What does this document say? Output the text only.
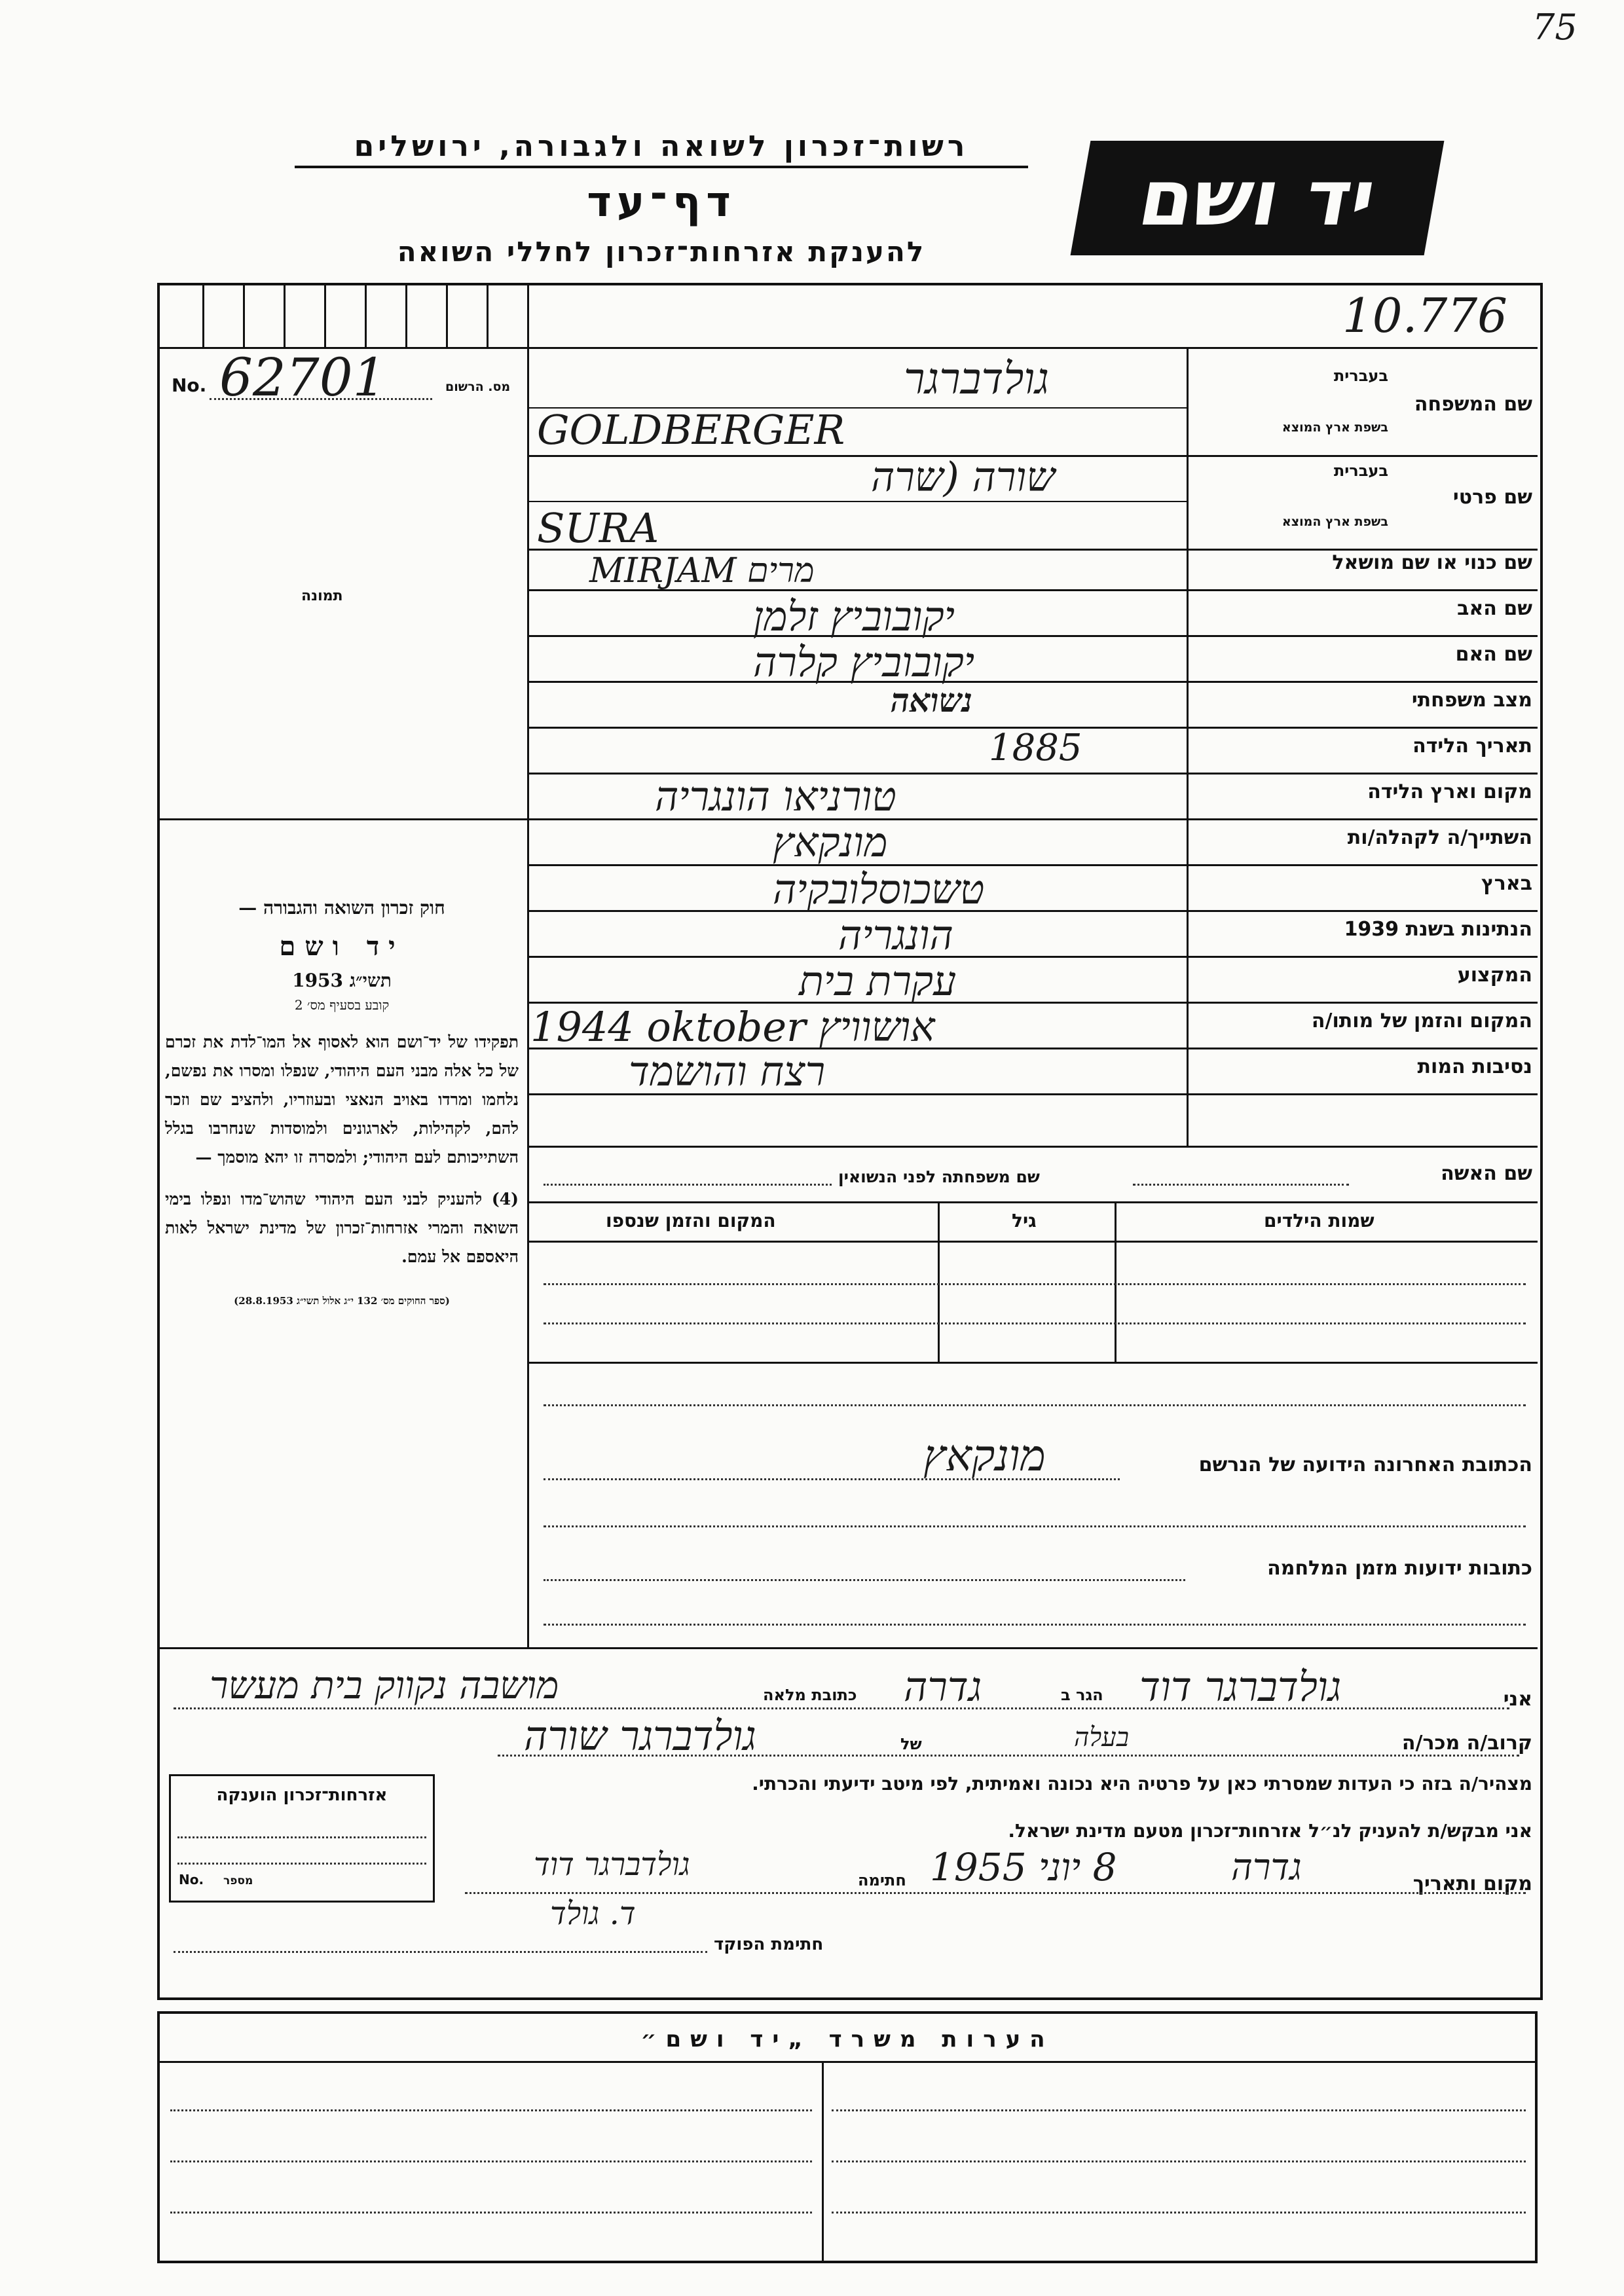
75
יד ושם
רשות־זכרון לשואה ולגבורה, ירושלים
דף־עד
להענקת אזרחות־זכרון לחללי השואה
10.776
No. 62701	מס. הרשום
תמונה
שם המשפחה
בעברית
בשפת ארץ המוצא
גולדברגר
GOLDBERGER
שם פרטי
בעברית
בשפת ארץ המוצא
שורה (שרה
SURA
שם כנוי או שם מושאל
מרים MIRJAM
שם האב
יקובוביץ זלמן
שם האם
יקובוביץ קלרה
מצב משפחתי
נשואה
תאריך הלידה
1885
מקום וארץ הלידה
טורניאו הונגריה
השתייך/ה לקהלה/ות
מונקאץ
בארץ
טשכוסלובקיה
הנתינות בשנת 1939
הונגריה
המקצוע
עקרת בית
המקום והזמן של מותו/ה
1944 oktober אושוויץ
נסיבות המות
רצח והושמד
שם האשה
שם משפחתה לפני הנשואין
שמות הילדים
גיל
המקום והזמן שנספו
הכתובת האחרונה הידועה של הנרשם
מונקאץ
כתובות ידועות מזמן המלחמה

חוק זכרון השואה והגבורה —

יד ושם

תשי״ג 1953

קובע בסעיף מס׳ 2

תפקידו של יד־ושם הוא לאסוף אל המו־לדת את זכרם של כל אלה מבני העם היהודי, שנפלו ומסרו את נפשם, נלחמו ומרדו באויב הנאצי ובעוזריו, ולהציב שם וזכר להם, לקהילות, לארגונים ולמוסדות שנחרבו בגלל השתייכותם לעם היהודי; ולמסרה זו יהא מוסמך —

(4) להעניק לבני העם היהודי שהוש־מדו ונפלו בימי השואה והמרי אזרחות־זכרון של מדינת ישראל לאות היאספם אל עמם.

(ספר החוקים מס׳ 132 י״ג אלול תשי״ג 28.8.1953)

אני
גולדברגר דוד
הגר ב
גדרה
כתובת מלאה
מושבה נקווק בית מעשר
קרוב/ה מכר/ה
בעלה
של
גולדברגר שורה
מצהיר/ה בזה כי העדות שמסרתי כאן על פרטיה היא נכונה ואמיתית, לפי מיטב ידיעתי והכרתי.
אני מבקש/ת להעניק לנ״ל אזרחות־זכרון מטעם מדינת ישראל.
מקום ותאריך
גדרה
8 יוני 1955
חתימה
גולדברגר דוד
ד. גולד
חתימת הפוקד
אזרחות־זכרון הוענקה
No. מספר
הערות משרד „יד ושם״
